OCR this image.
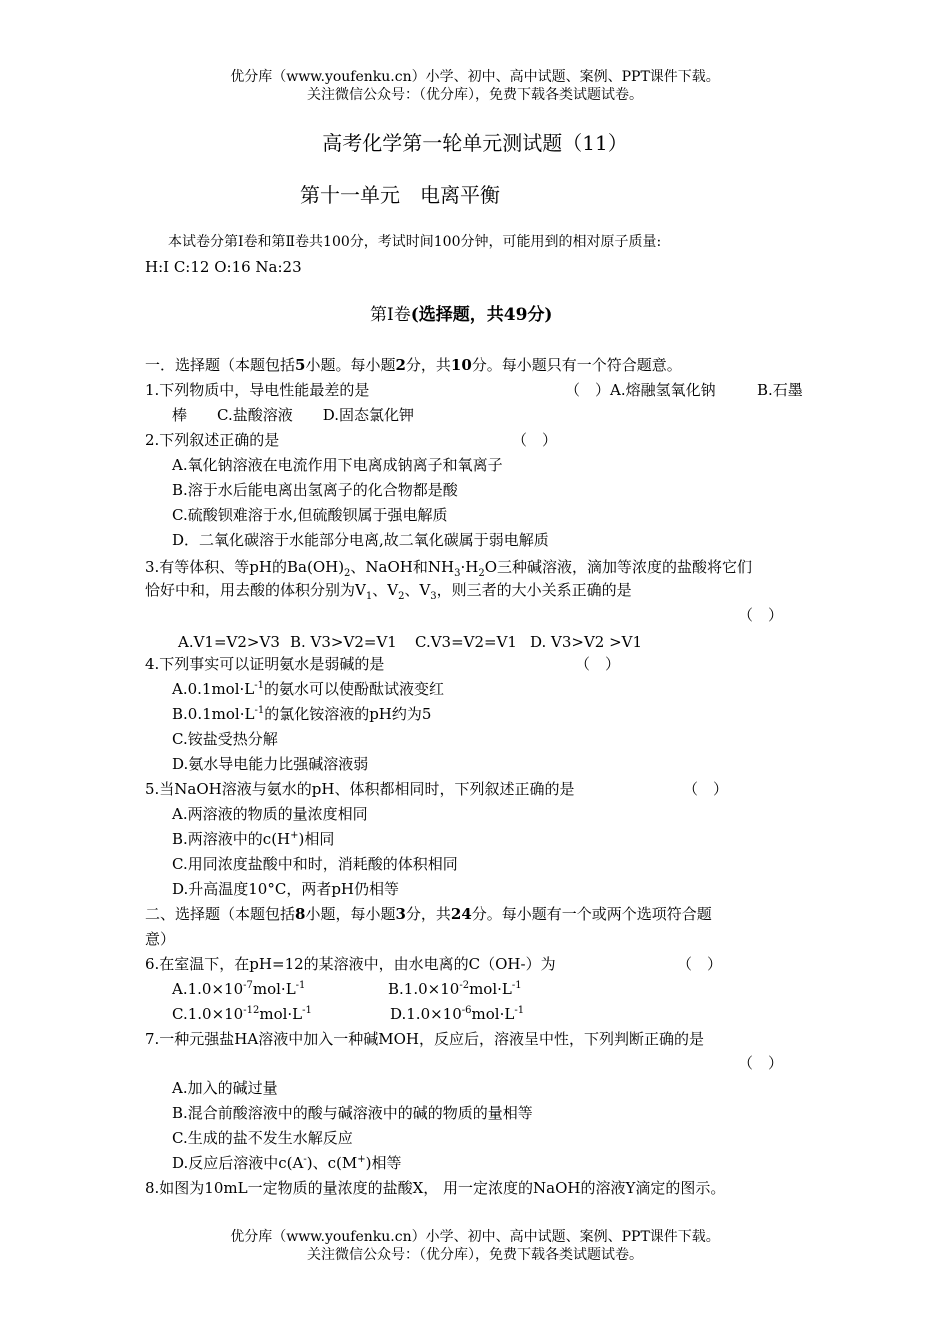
优分库（www.youfenku.cn）小学、初中、高中试题、案例、PPT课件下载。
关注微信公众号：（优分库），免费下载各类试题试卷。
高考化学第一轮单元测试题（11）
第十一单元　电离平衡
本试卷分第Ⅰ卷和第Ⅱ卷共100分，考试时间100分钟，可能用到的相对原子质量:
H:I C:12 O:16 Na:23
第Ⅰ卷(选择题，共49分)
一．选择题（本题包括5小题。每小题2分，共10分。每小题只有一个符合题意。
1.下列物质中，导电性能最差的是	（　） A.熔融氢氧化钠	B.石墨
棒　　C.盐酸溶液　　D.固态氯化钾
2.下列叙述正确的是	（　）
A.氧化钠溶液在电流作用下电离成钠离子和氧离子
B.溶于水后能电离出氢离子的化合物都是酸
C.硫酸钡难溶于水,但硫酸钡属于强电解质
D．二氧化碳溶于水能部分电离,故二氧化碳属于弱电解质
3.有等体积、等pH的$Ba(OH)_2$、NaOH和$NH_3\cdot H_2O$三种碱溶液，滴加等浓度的盐酸将它们
恰好中和，用去酸的体积分别为$V_1$、$V_2$、$V_3$，则三者的大小关系正确的是
（　）
A.V1=V2>V3 B. V3>V2=V1 C.V3=V2=V1 D. V3>V2 >V1
4.下列事实可以证明氨水是弱碱的是	（　）
$A.0.1mol\cdot L^{-1}$的氨水可以使酚酞试液变红
$B.0.1mol\cdot L^{-1}$的氯化铵溶液的pH约为5
C.铵盐受热分解
D.氨水导电能力比强碱溶液弱
5.当NaOH溶液与氨水的pH、体积都相同时，下列叙述正确的是	（　）
A.两溶液的物质的量浓度相同
B.两溶液中的c(H+)相同
C.用同浓度盐酸中和时，消耗酸的体积相同
D.升高温度10°C，两者pH仍相等
二、选择题（本题包括8小题，每小题3分，共24分。每小题有一个或两个选项符合题
意）
6.在室温下，在pH=12的某溶液中，由水电离的C（OH-）为	（　）
$A.1.0\times 10^{-7}mol\cdot L^{-1}$	$B.1.0\times 10^{-2}mol\cdot L^{-1}$
$C.1.0\times 10^{-12}mol\cdot L^{-1}$	$D.1.0\times 10^{-6}mol\cdot L^{-1}$
7.一种元强盐HA溶液中加入一种碱MOH，反应后，溶液呈中性，下列判断正确的是
（　）
A.加入的碱过量
B.混合前酸溶液中的酸与碱溶液中的碱的物质的量相等
C.生成的盐不发生水解反应
D.反应后溶液中c(A-)、c(M+)相等
8.如图为10mL一定物质的量浓度的盐酸X， 用一定浓度的NaOH的溶液Y滴定的图示。
优分库（www.youfenku.cn）小学、初中、高中试题、案例、PPT课件下载。
关注微信公众号：（优分库），免费下载各类试题试卷。
